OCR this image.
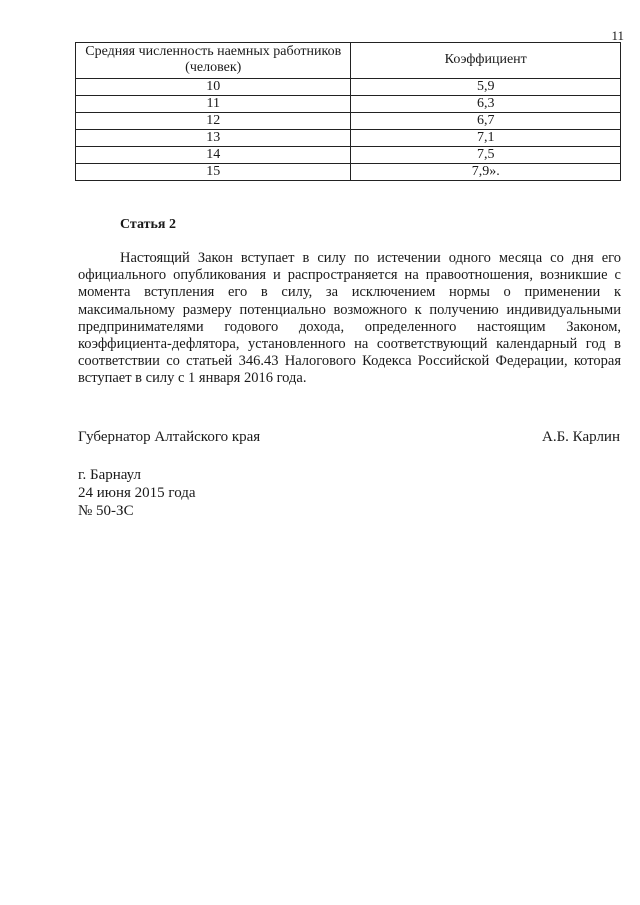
11
Средняя численность наемных работников (человек)	Коэффициент
10	5,9
11	6,3
12	6,7
13	7,1
14	7,5
15	7,9».
Статья 2

Настоящий Закон вступает в силу по истечении одного месяца со дня его официального опубликования и распространяется на правоотношения, возникшие с момента вступления его в силу, за исключением нормы о применении к максимальному размеру потенциально возможного к получению индивидуальными предпринимателями годового дохода, определенного настоящим Законом, коэффициента-дефлятора, установленного на соответствующий календарный год в соответствии со статьей 346.43 Налогового Кодекса Российской Федерации, которая вступает в силу с 1 января 2016 года.

Губернатор Алтайского края	А.Б. Карлин
г. Барнаул
24 июня 2015 года
№ 50-ЗС
